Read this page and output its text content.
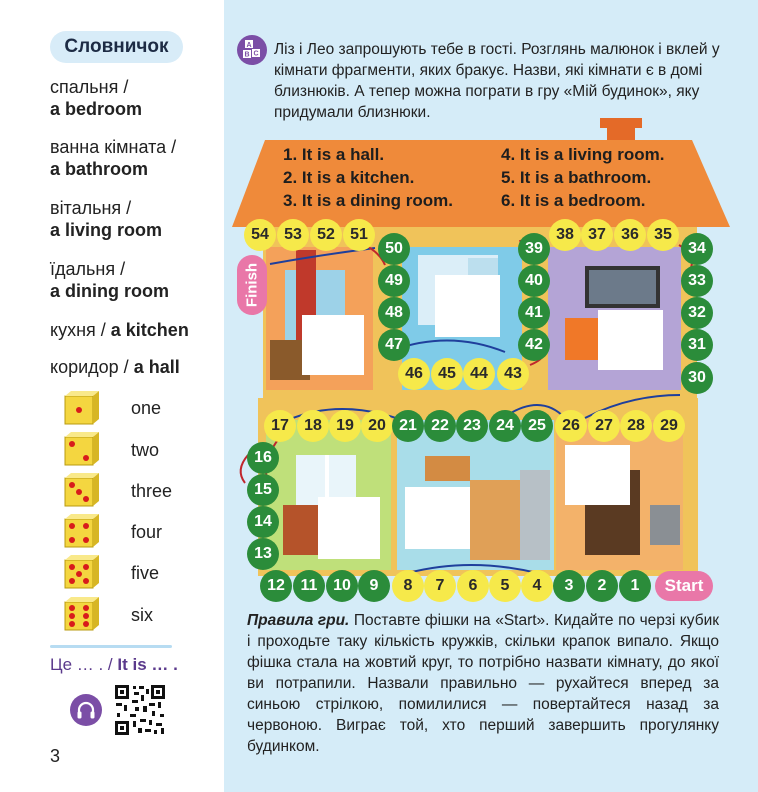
Словничок
спальня /
a bedroom
ванна кімната /
a bathroom
вітальня /
a living room
їдальня /
a dining room
кухня / a kitchen
коридор / a hall
one
two
three
four
five
six
Це … . / It is … .
3
A
B C Ліз і Лео запрошують тебе в гості. Розглянь малюнок і вклей у кімнати фрагменти, яких бракує. Назви, які кімнати є в домі близнюків. А тепер можна пограти в гру «Мій будинок», яку придумали близнюки.
1. It is a hall.
2. It is a kitchen.
3. It is a dining room.
4. It is a living room.
5. It is a bathroom.
6. It is a bedroom.
Finish
Start
1
2
3
4
5
6
7
8
9
10
11
12
13
14
15
16
17 18 19 20 21 22 23 24 25	26 27 28 29
30
31
32
33
34
35
36
37
38
39
40
41
42
43
44
45
46
47
48
49
50
51
52
53
54
Правила гри. Поставте фішки на «Start». Кидайте по черзі кубик і проходьте таку кількість кружків, скільки крапок випало. Якщо фішка стала на жовтий круг, то потрібно назвати кімнату, до якої ви потрапили. Назвали правильно — рухайтеся вперед за синьою стрілкою, помилилися — повертайтеся назад за червоною. Виграє той, хто перший завершить прогулянку будинком.
